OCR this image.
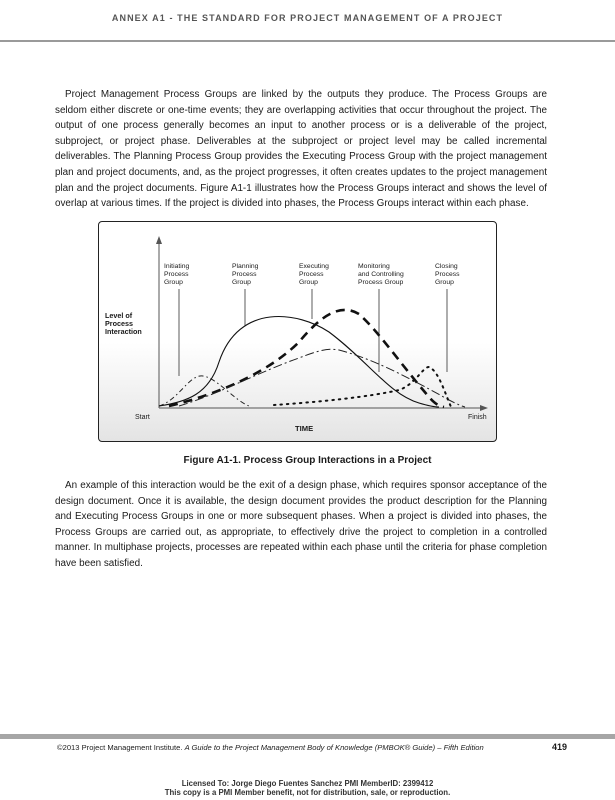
ANNEX A1 - THE STANDARD FOR PROJECT MANAGEMENT OF A PROJECT

Project Management Process Groups are linked by the outputs they produce. The Process Groups are seldom either discrete or one-time events; they are overlapping activities that occur throughout the project. The output of one process generally becomes an input to another process or is a deliverable of the project, subproject, or project phase. Deliverables at the subproject or project level may be called incremental deliverables. The Planning Process Group provides the Executing Process Group with the project management plan and project documents, and, as the project progresses, it often creates updates to the project management plan and the project documents. Figure A1-1 illustrates how the Process Groups interact and shows the level of overlap at various times. If the project is divided into phases, the Process Groups interact within each phase.

Initiating Process Group
Planning Process Group
Executing Process Group
Monitoring and Controlling Process Group
Closing Process Group
Level of Process Interaction
Start	Finish
TIME

Figure A1-1. Process Group Interactions in a Project

An example of this interaction would be the exit of a design phase, which requires sponsor acceptance of the design document. Once it is available, the design document provides the product description for the Planning and Executing Process Groups in one or more subsequent phases. When a project is divided into phases, the Process Groups are carried out, as appropriate, to effectively drive the project to completion in a controlled manner. In multiphase projects, processes are repeated within each phase until the criteria for phase completion have been satisfied.

©2013 Project Management Institute. A Guide to the Project Management Body of Knowledge (PMBOK® Guide) – Fifth Edition	419
Licensed To: Jorge Diego Fuentes Sanchez PMI MemberID: 2399412
This copy is a PMI Member benefit, not for distribution, sale, or reproduction.
